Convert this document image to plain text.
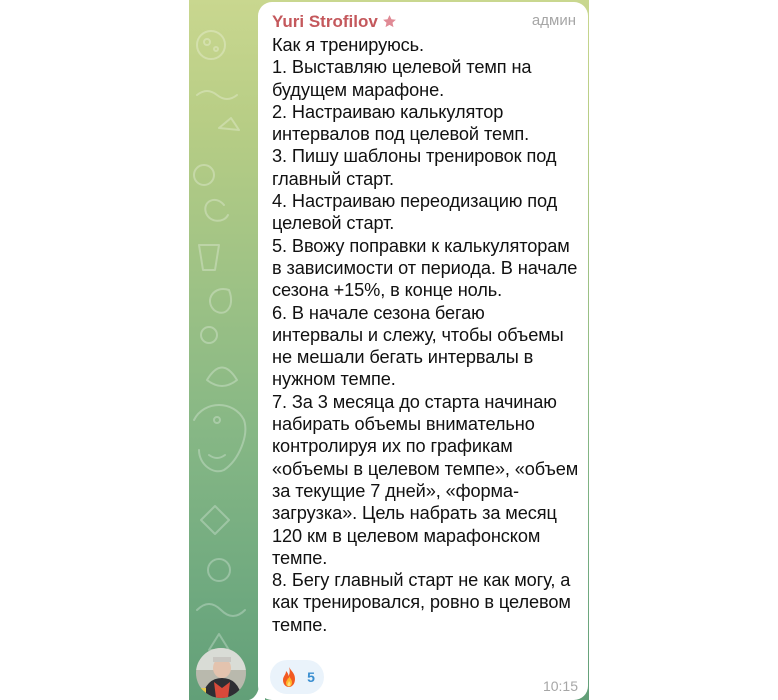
Yuri Strofilov	админ

Как я тренируюсь.
1. Выставляю целевой темп на будущем марафоне.
2. Настраиваю калькулятор интервалов под целевой темп.
3. Пишу шаблоны тренировок под главный старт.
4. Настраиваю переодизацию под целевой старт.
5. Ввожу поправки к калькуляторам в зависимости от периода. В начале сезона +15%, в конце ноль.
6. В начале сезона бегаю интервалы и слежу, чтобы объемы не мешали бегать интервалы в нужном темпе.
7. За 3 месяца до старта начинаю набирать объемы внимательно контролируя их по графикам «объемы в целевом темпе», «объем за текущие 7 дней», «форма-загрузка». Цель набрать за месяц 120 км в целевом марафонском темпе.
8. Бегу главный старт не как могу, а как тренировался, ровно в целевом темпе.

5
10:15
